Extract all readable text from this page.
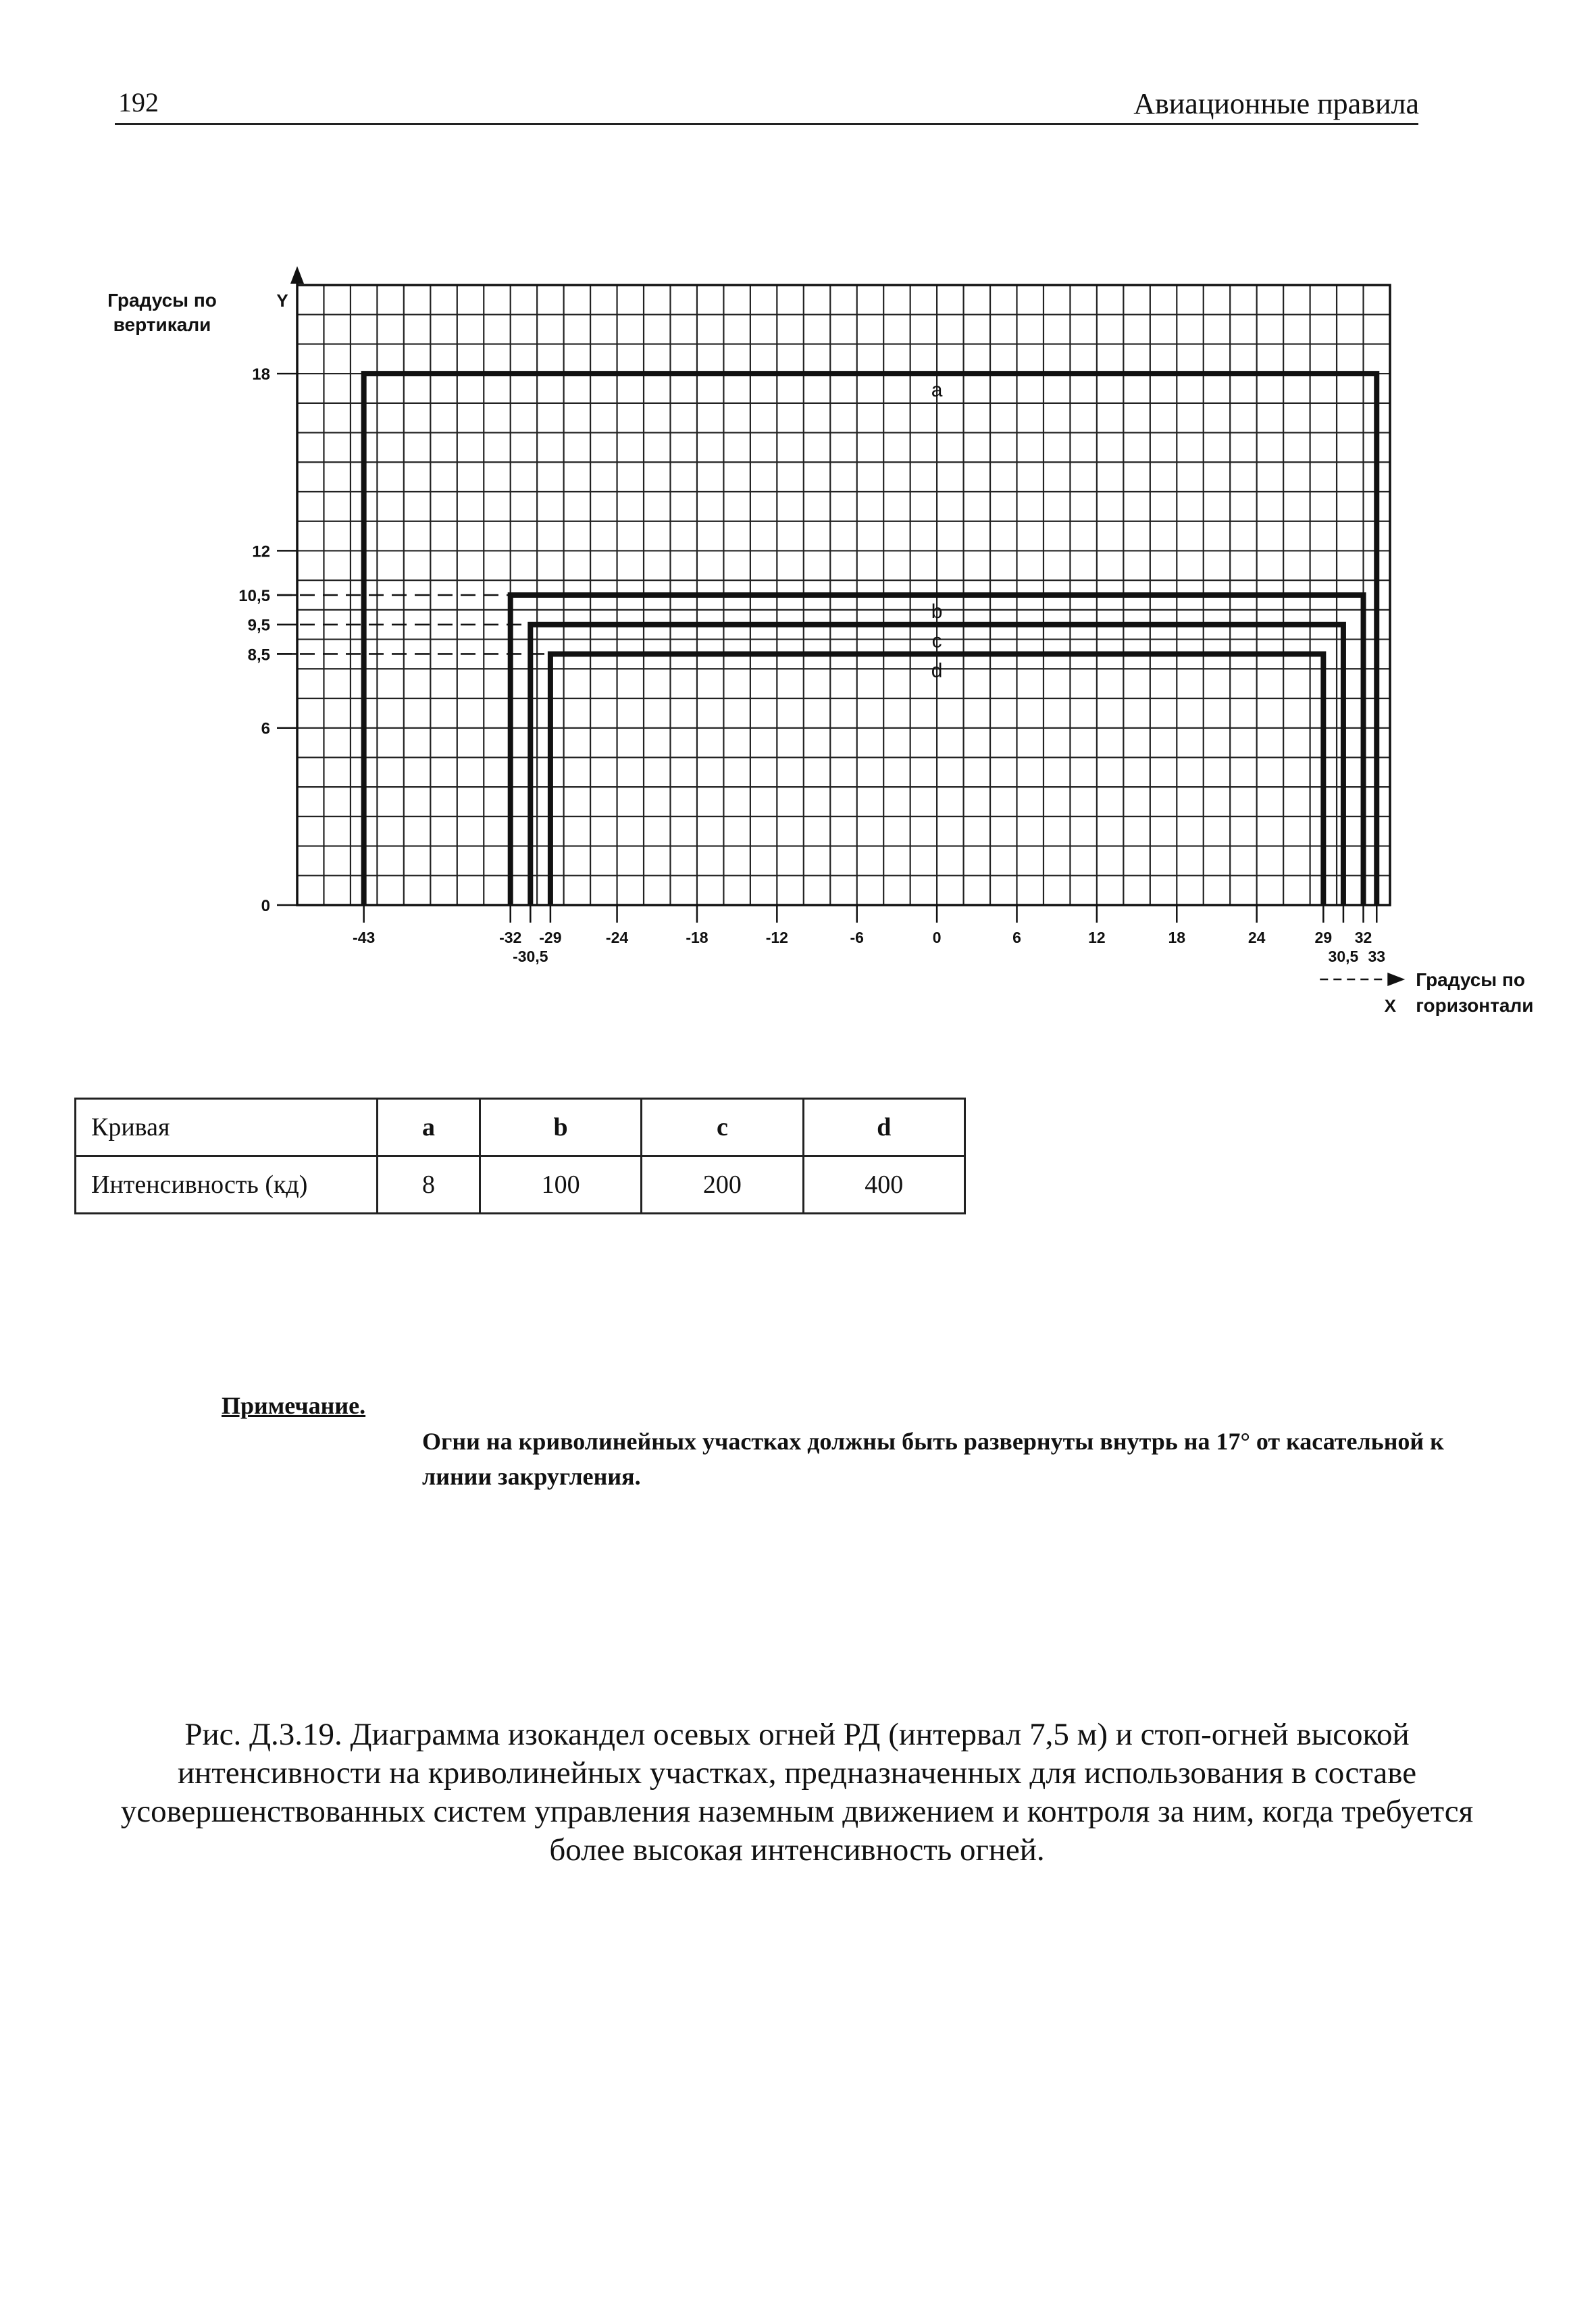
192	Авиационные правила
Y
Градусы по
вертикали
18
12
10,5
9,5
8,5
6
0
-43	-32 -29
-30,5
-24	-18	-12	-6	0	6	12	18	24	29 32
30,5 33
Градусы по
горизонтали
X
a
b
c
d
Кривая	a	b	c	d
Интенсивность (кд)	8	100	200	400
Примечание.
Огни на криволинейных участках должны быть развернуты внутрь на 17° от касательной к линии закругления.
Рис. Д.3.19. Диаграмма изокандел осевых огней РД (интервал 7,5 м) и стоп-огней высокой интенсивности на криволинейных участках, предназначенных для использования в составе усовершенствованных систем управления наземным движением и контроля за ним, когда требуется более высокая интенсивность огней.
